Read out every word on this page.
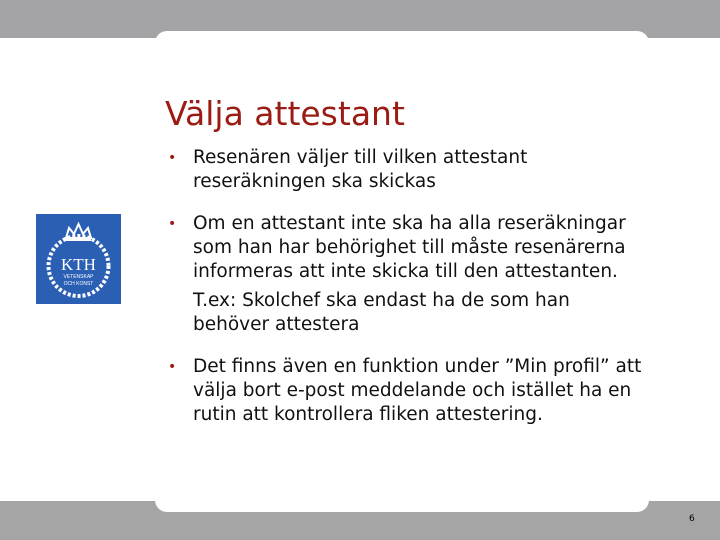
Välja attestant
KTH
VETENSKAP
OCH KONST
• Resenären väljer till vilken attestant reseräkningen ska skickas

• Om en attestant inte ska ha alla reseräkningar som han har behörighet till måste resenärerna informeras att inte skicka till den attestanten.

T.ex: Skolchef ska endast ha de som han behöver attestera

• Det finns även en funktion under ”Min profil” att välja bort e-post meddelande och istället ha en rutin att kontrollera fliken attestering.

6
